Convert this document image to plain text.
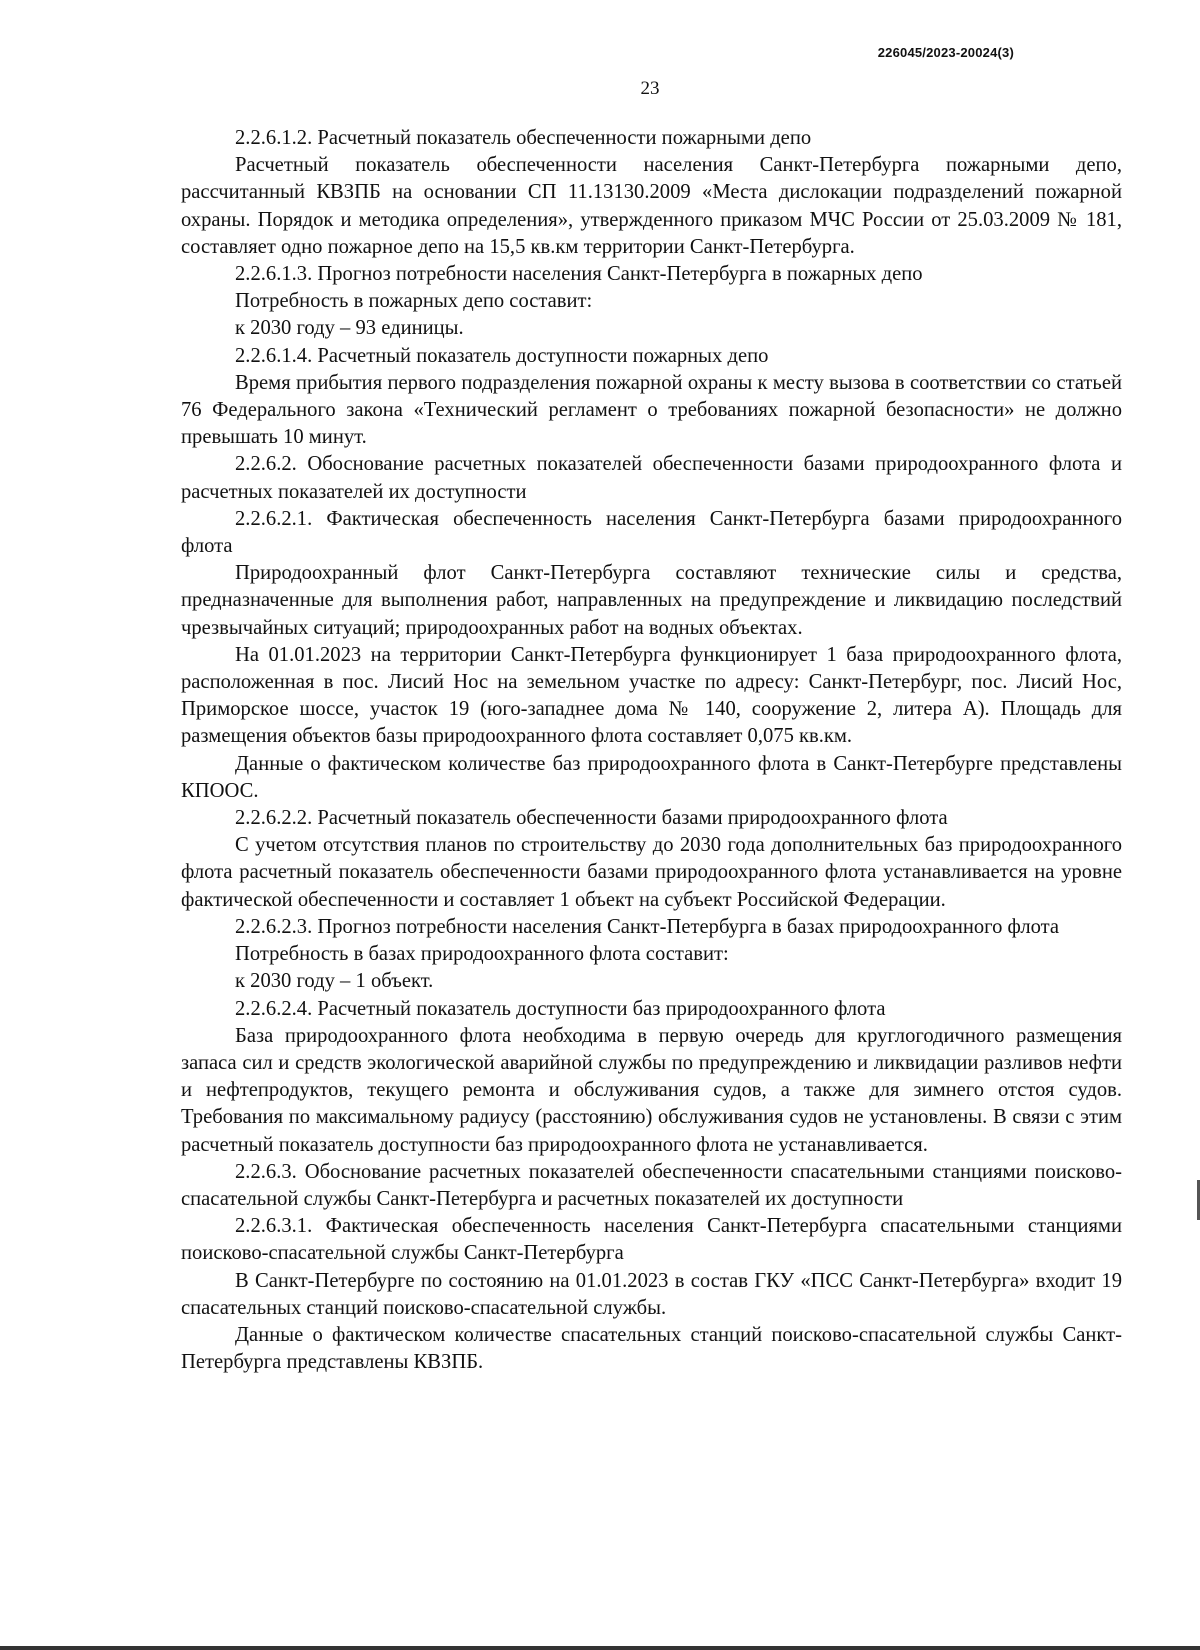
226045/2023-20024(3)
23

2.2.6.1.2. Расчетный показатель обеспеченности пожарными депо

Расчетный показатель обеспеченности населения Санкт-Петербурга пожарными депо, рассчитанный КВЗПБ на основании СП 11.13130.2009 «Места дислокации подразделений пожарной охраны. Порядок и методика определения», утвержденного приказом МЧС России от 25.03.2009 № 181, составляет одно пожарное депо на 15,5 кв.км территории Санкт-Петербурга.

2.2.6.1.3. Прогноз потребности населения Санкт-Петербурга в пожарных депо

Потребность в пожарных депо составит:

к 2030 году – 93 единицы.

2.2.6.1.4. Расчетный показатель доступности пожарных депо

Время прибытия первого подразделения пожарной охраны к месту вызова в соответствии со статьей 76 Федерального закона «Технический регламент о требованиях пожарной безопасности» не должно превышать 10 минут.

2.2.6.2. Обоснование расчетных показателей обеспеченности базами природоохранного флота и расчетных показателей их доступности

2.2.6.2.1. Фактическая обеспеченность населения Санкт-Петербурга базами природоохранного флота

Природоохранный флот Санкт-Петербурга составляют технические силы и средства, предназначенные для выполнения работ, направленных на предупреждение и ликвидацию последствий чрезвычайных ситуаций; природоохранных работ на водных объектах.

На 01.01.2023 на территории Санкт-Петербурга функционирует 1 база природоохранного флота, расположенная в пос. Лисий Нос на земельном участке по адресу: Санкт-Петербург, пос. Лисий Нос, Приморское шоссе, участок 19 (юго-западнее дома № 140, сооружение 2, литера А). Площадь для размещения объектов базы природоохранного флота составляет 0,075 кв.км.

Данные о фактическом количестве баз природоохранного флота в Санкт-Петербурге представлены КПООС.

2.2.6.2.2. Расчетный показатель обеспеченности базами природоохранного флота

С учетом отсутствия планов по строительству до 2030 года дополнительных баз природоохранного флота расчетный показатель обеспеченности базами природоохранного флота устанавливается на уровне фактической обеспеченности и составляет 1 объект на субъект Российской Федерации.

2.2.6.2.3. Прогноз потребности населения Санкт-Петербурга в базах природоохранного флота

Потребность в базах природоохранного флота составит:

к 2030 году – 1 объект.

2.2.6.2.4. Расчетный показатель доступности баз природоохранного флота

База природоохранного флота необходима в первую очередь для круглогодичного размещения запаса сил и средств экологической аварийной службы по предупреждению и ликвидации разливов нефти и нефтепродуктов, текущего ремонта и обслуживания судов, а также для зимнего отстоя судов. Требования по максимальному радиусу (расстоянию) обслуживания судов не установлены. В связи с этим расчетный показатель доступности баз природоохранного флота не устанавливается.

2.2.6.3. Обоснование расчетных показателей обеспеченности спасательными станциями поисково-спасательной службы Санкт-Петербурга и расчетных показателей их доступности

2.2.6.3.1. Фактическая обеспеченность населения Санкт-Петербурга спасательными станциями поисково-спасательной службы Санкт-Петербурга

В Санкт-Петербурге по состоянию на 01.01.2023 в состав ГКУ «ПСС Санкт-Петербурга» входит 19 спасательных станций поисково-спасательной службы.

Данные о фактическом количестве спасательных станций поисково-спасательной службы Санкт-Петербурга представлены КВЗПБ.
